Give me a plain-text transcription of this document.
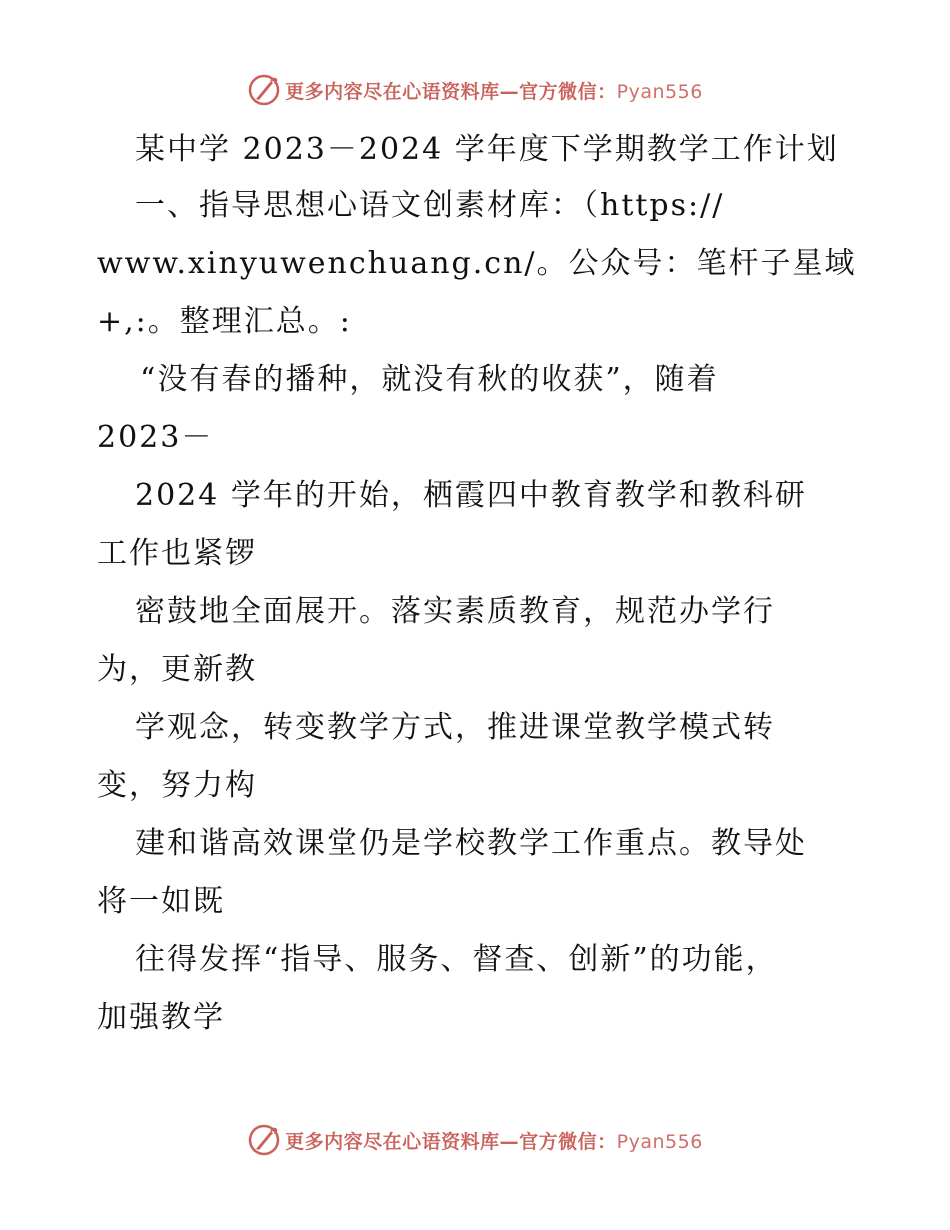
更多内容尽在心语资料库—官方微信：Pyan556
某中学 2023－2024 学年度下学期教学工作计划
一、指导思想心语文创素材库：（https://
www.xinyuwenchuang.cn/。公众号：笔杆子星域
+,:。整理汇总。:
“没有春的播种，就没有秋的收获”，随着
2023－
2024 学年的开始，栖霞四中教育教学和教科研
工作也紧锣
密鼓地全面展开。落实素质教育，规范办学行
为，更新教
学观念，转变教学方式，推进课堂教学模式转
变，努力构
建和谐高效课堂仍是学校教学工作重点。教导处
将一如既
往得发挥“指导、服务、督查、创新”的功能，
加强教学
更多内容尽在心语资料库—官方微信：Pyan556
